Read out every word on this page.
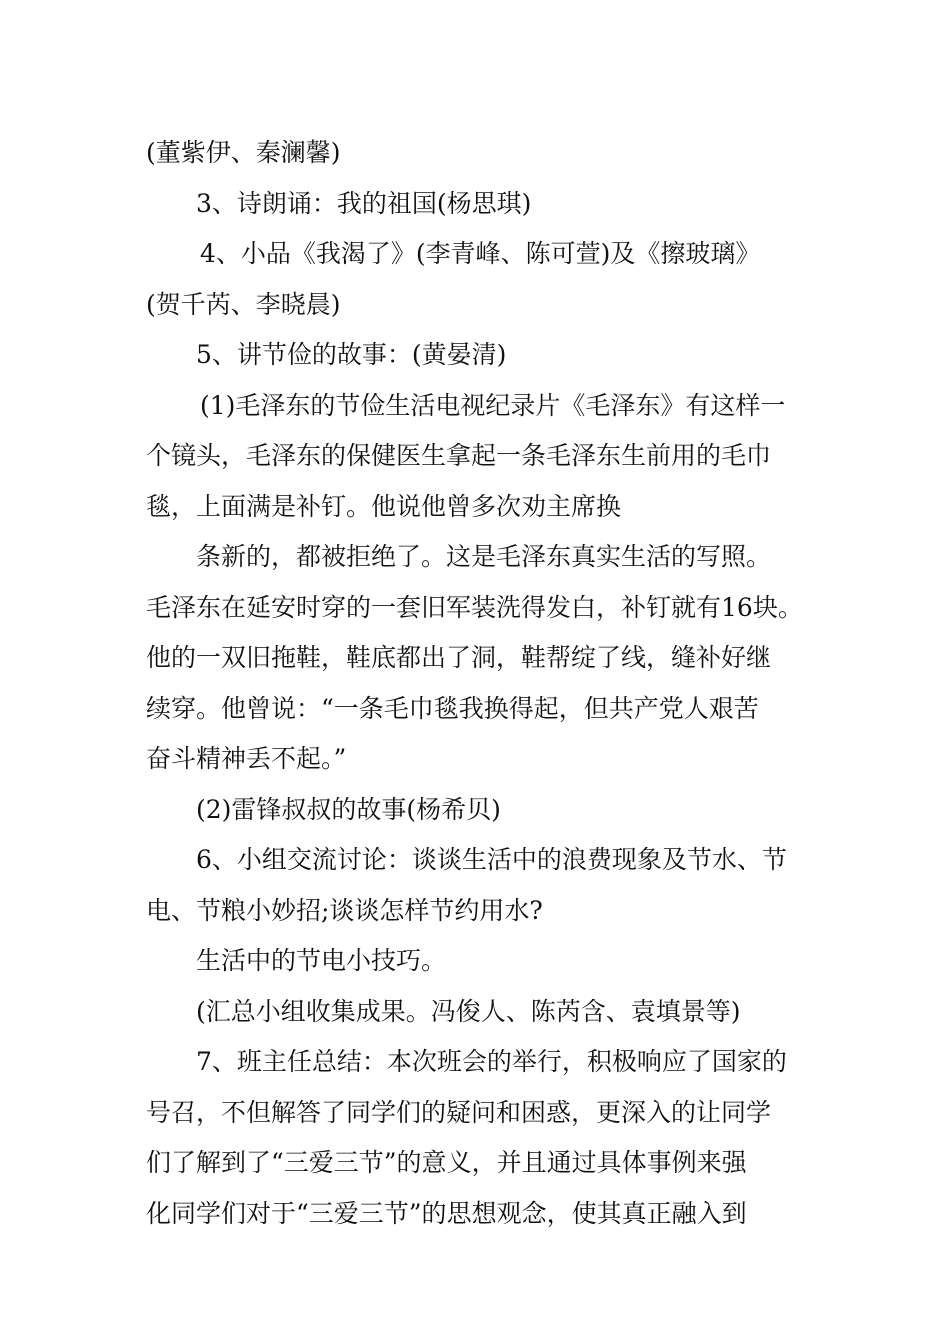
(董紫伊、秦澜馨)
3、诗朗诵：我的祖国(杨思琪)
4、小品《我渴了》(李青峰、陈可萱)及《擦玻璃》
(贺千芮、李晓晨)
5、讲节俭的故事：(黄晏清)
(1)毛泽东的节俭生活电视纪录片《毛泽东》有这样一
个镜头，毛泽东的保健医生拿起一条毛泽东生前用的毛巾
毯，上面满是补钉。他说他曾多次劝主席换
条新的，都被拒绝了。这是毛泽东真实生活的写照。
毛泽东在延安时穿的一套旧军装洗得发白，补钉就有16块。
他的一双旧拖鞋，鞋底都出了洞，鞋帮绽了线，缝补好继
续穿。他曾说：“一条毛巾毯我换得起，但共产党人艰苦
奋斗精神丢不起。”
(2)雷锋叔叔的故事(杨希贝)
6、小组交流讨论：谈谈生活中的浪费现象及节水、节
电、节粮小妙招;谈谈怎样节约用水?
生活中的节电小技巧。
(汇总小组收集成果。冯俊人、陈芮含、袁填景等)
7、班主任总结：本次班会的举行，积极响应了国家的
号召，不但解答了同学们的疑问和困惑，更深入的让同学
们了解到了“三爱三节”的意义，并且通过具体事例来强
化同学们对于“三爱三节”的思想观念，使其真正融入到
